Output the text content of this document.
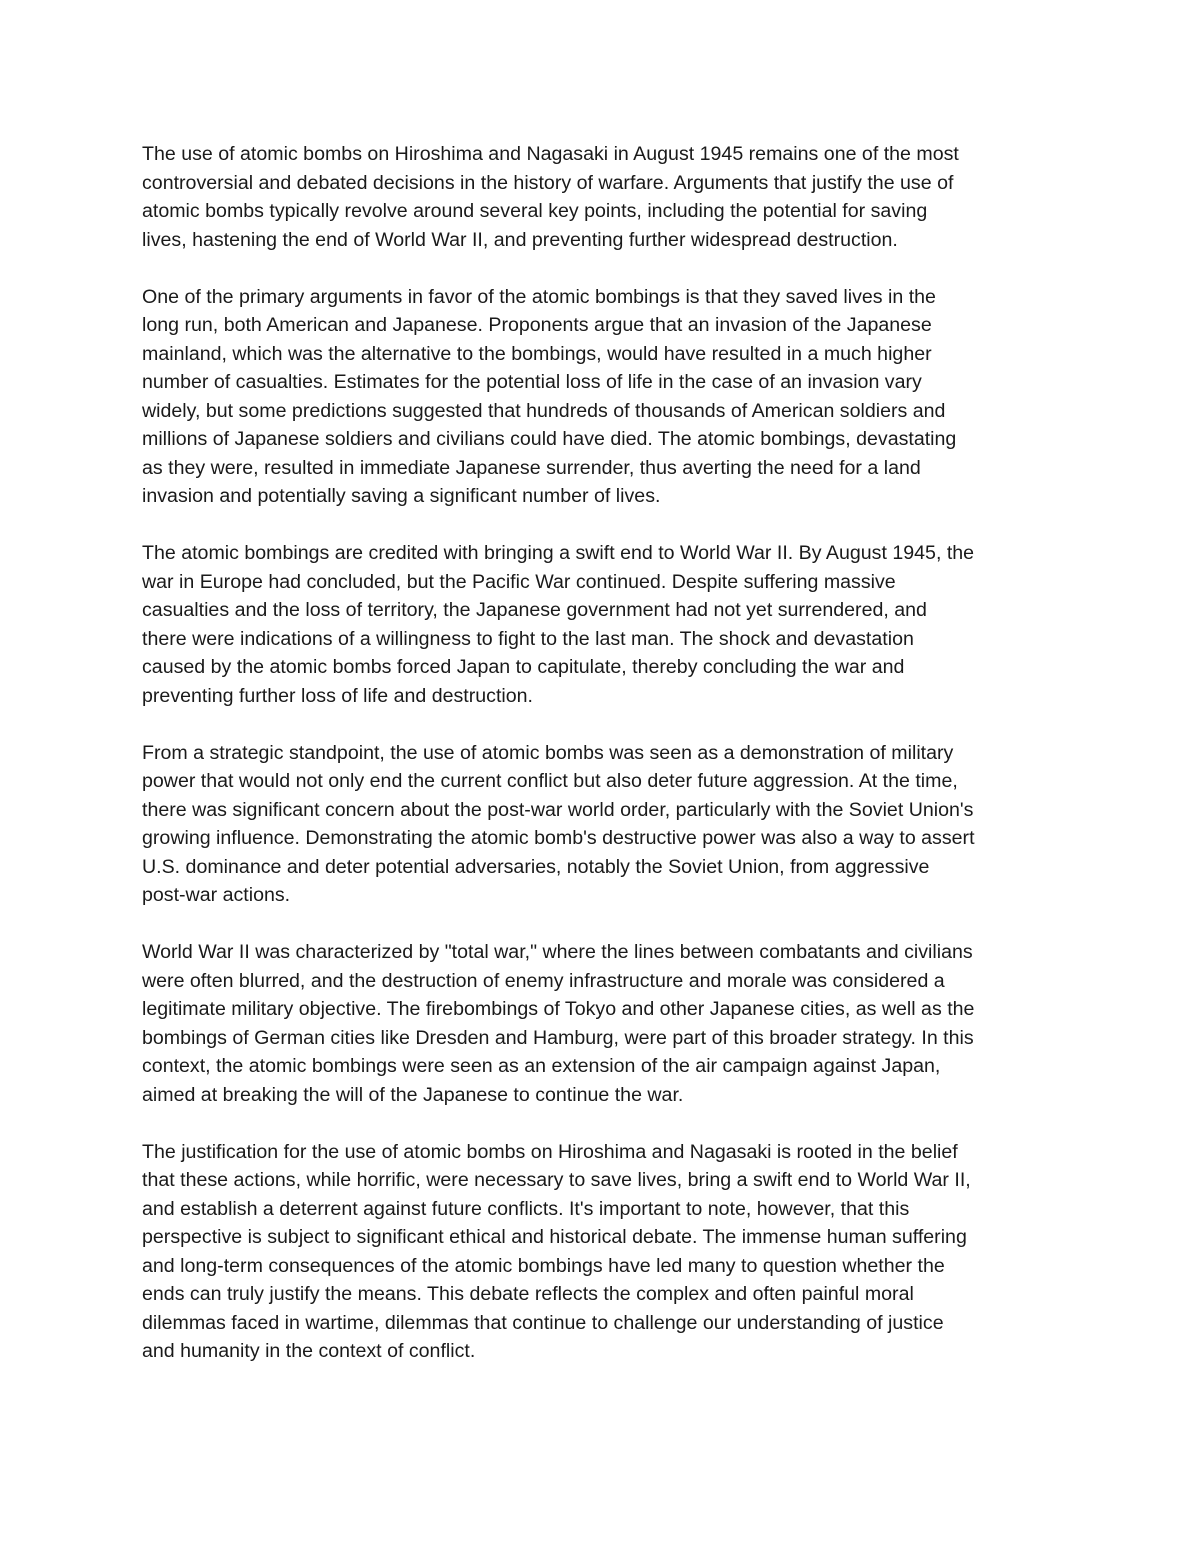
The use of atomic bombs on Hiroshima and Nagasaki in August 1945 remains one of the most
controversial and debated decisions in the history of warfare. Arguments that justify the use of
atomic bombs typically revolve around several key points, including the potential for saving
lives, hastening the end of World War II, and preventing further widespread destruction.

One of the primary arguments in favor of the atomic bombings is that they saved lives in the
long run, both American and Japanese. Proponents argue that an invasion of the Japanese
mainland, which was the alternative to the bombings, would have resulted in a much higher
number of casualties. Estimates for the potential loss of life in the case of an invasion vary
widely, but some predictions suggested that hundreds of thousands of American soldiers and
millions of Japanese soldiers and civilians could have died. The atomic bombings, devastating
as they were, resulted in immediate Japanese surrender, thus averting the need for a land
invasion and potentially saving a significant number of lives.

The atomic bombings are credited with bringing a swift end to World War II. By August 1945, the
war in Europe had concluded, but the Pacific War continued. Despite suffering massive
casualties and the loss of territory, the Japanese government had not yet surrendered, and
there were indications of a willingness to fight to the last man. The shock and devastation
caused by the atomic bombs forced Japan to capitulate, thereby concluding the war and
preventing further loss of life and destruction.

From a strategic standpoint, the use of atomic bombs was seen as a demonstration of military
power that would not only end the current conflict but also deter future aggression. At the time,
there was significant concern about the post-war world order, particularly with the Soviet Union's
growing influence. Demonstrating the atomic bomb's destructive power was also a way to assert
U.S. dominance and deter potential adversaries, notably the Soviet Union, from aggressive
post-war actions.

World War II was characterized by "total war," where the lines between combatants and civilians
were often blurred, and the destruction of enemy infrastructure and morale was considered a
legitimate military objective. The firebombings of Tokyo and other Japanese cities, as well as the
bombings of German cities like Dresden and Hamburg, were part of this broader strategy. In this
context, the atomic bombings were seen as an extension of the air campaign against Japan,
aimed at breaking the will of the Japanese to continue the war.

The justification for the use of atomic bombs on Hiroshima and Nagasaki is rooted in the belief
that these actions, while horrific, were necessary to save lives, bring a swift end to World War II,
and establish a deterrent against future conflicts. It's important to note, however, that this
perspective is subject to significant ethical and historical debate. The immense human suffering
and long-term consequences of the atomic bombings have led many to question whether the
ends can truly justify the means. This debate reflects the complex and often painful moral
dilemmas faced in wartime, dilemmas that continue to challenge our understanding of justice
and humanity in the context of conflict.
